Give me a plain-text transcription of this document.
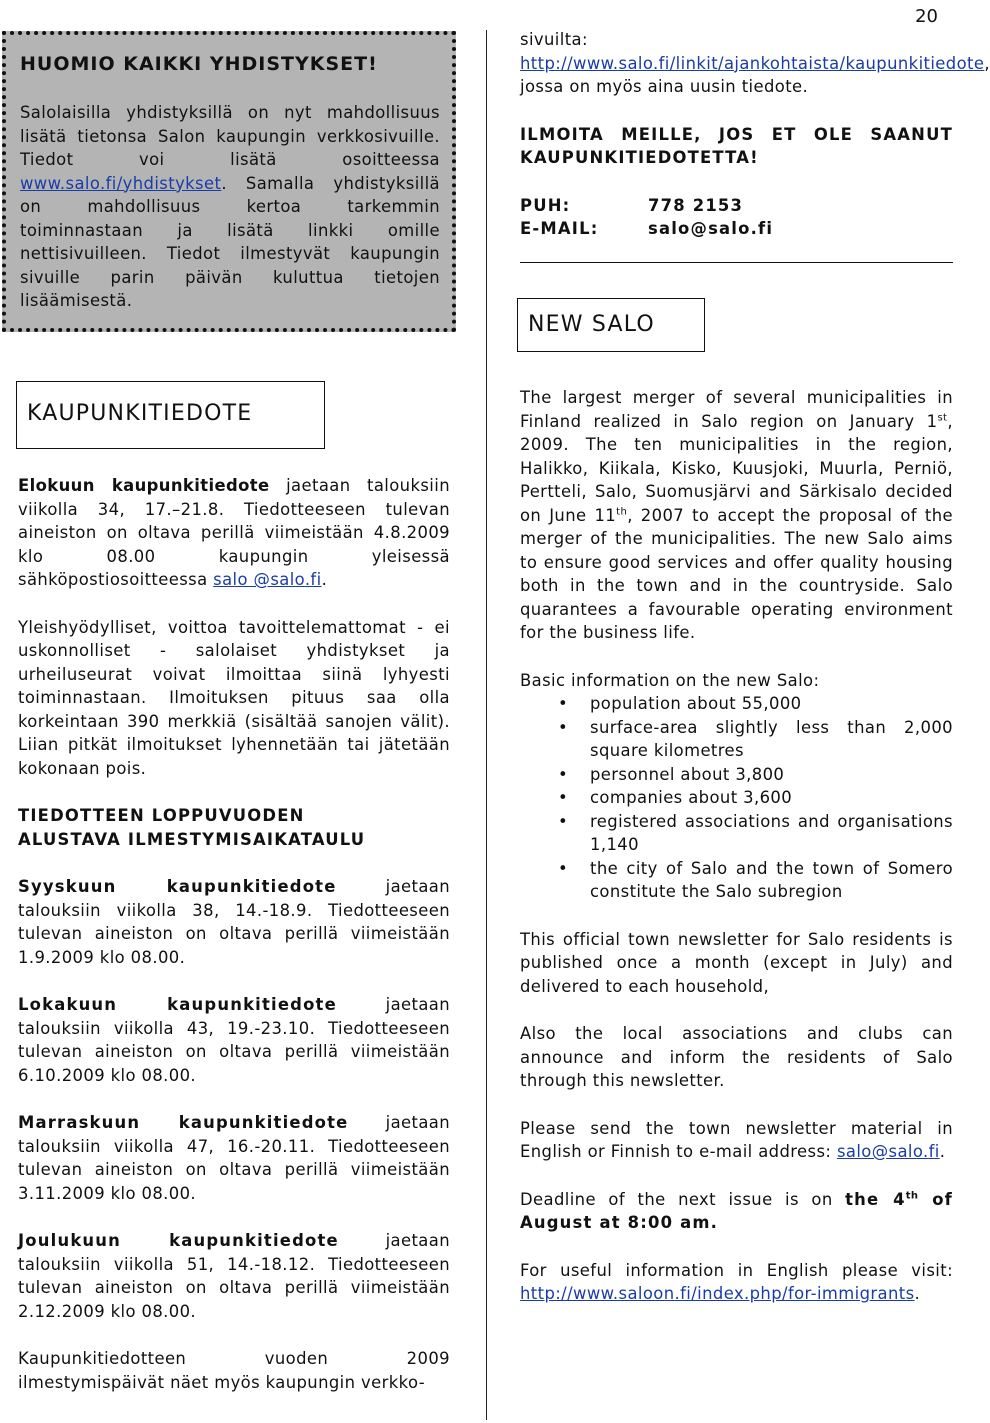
20
HUOMIO KAIKKI YHDISTYKSET!

Salolaisilla yhdistyksillä on nyt mahdollisuus lisätä tietonsa Salon kaupungin verkkosivuille. Tiedot voi lisätä osoitteessa www.salo.fi/yhdistykset. Samalla yhdistyksillä on mahdollisuus kertoa tarkemmin toiminnastaan ja lisätä linkki omille nettisivuilleen. Tiedot ilmestyvät kaupungin sivuille parin päivän kuluttua tietojen lisäämisestä.

KAUPUNKITIEDOTE

Elokuun kaupunkitiedote jaetaan talouksiin viikolla 34, 17.–21.8. Tiedotteeseen tulevan aineiston on oltava perillä viimeistään 4.8.2009 klo 08.00 kaupungin yleisessä sähköpostiosoitteessa salo @salo.fi.

Yleishyödylliset, voittoa tavoittelemattomat - ei uskonnolliset - salolaiset yhdistykset ja urheiluseurat voivat ilmoittaa siinä lyhyesti toiminnastaan. Ilmoituksen pituus saa olla korkeintaan 390 merkkiä (sisältää sanojen välit). Liian pitkät ilmoitukset lyhennetään tai jätetään kokonaan pois.

TIEDOTTEEN LOPPUVUODEN
ALUSTAVA ILMESTYMISAIKATAULU

Syyskuun kaupunkitiedote jaetaan talouksiin viikolla 38, 14.-18.9. Tiedotteeseen tulevan aineiston on oltava perillä viimeistään 1.9.2009 klo 08.00.

Lokakuun kaupunkitiedote jaetaan talouksiin viikolla 43, 19.-23.10. Tiedotteeseen tulevan aineiston on oltava perillä viimeistään 6.10.2009 klo 08.00.

Marraskuun kaupunkitiedote jaetaan talouksiin viikolla 47, 16.-20.11. Tiedotteeseen tulevan aineiston on oltava perillä viimeistään 3.11.2009 klo 08.00.

Joulukuun kaupunkitiedote jaetaan talouksiin viikolla 51, 14.-18.12. Tiedotteeseen tulevan aineiston on oltava perillä viimeistään 2.12.2009 klo 08.00.

Kaupunkitiedotteen vuoden 2009 ilmestymispäivät näet myös kaupungin verkko-

sivuilta: http://www.salo.fi/linkit/ajankohtaista/kaupunkitiedote, jossa on myös aina uusin tiedote.

ILMOITA MEILLE, JOS ET OLE SAANUT KAUPUNKITIEDOTETTA!

PUH:	778 2153
E-MAIL:	salo@salo.fi
NEW SALO

The largest merger of several municipalities in Finland realized in Salo region on January 1st, 2009. The ten municipalities in the region, Halikko, Kiikala, Kisko, Kuusjoki, Muurla, Perniö, Pertteli, Salo, Suomusjärvi and Särkisalo decided on June 11th, 2007 to accept the proposal of the merger of the municipalities. The new Salo aims to ensure good services and offer quality housing both in the town and in the countryside. Salo quarantees a favourable operating environment for the business life.

Basic information on the new Salo:

• population about 55,000
• surface-area slightly less than 2,000 square kilometres
• personnel about 3,800
• companies about 3,600
• registered associations and organisations 1,140
• the city of Salo and the town of Somero constitute the Salo subregion

This official town newsletter for Salo residents is published once a month (except in July) and delivered to each household,

Also the local associations and clubs can announce and inform the residents of Salo through this newsletter.

Please send the town newsletter material in English or Finnish to e-mail address: salo@salo.fi.

Deadline of the next issue is on the 4th of August at 8:00 am.

For useful information in English please visit: http://www.saloon.fi/index.php/for-immigrants.
